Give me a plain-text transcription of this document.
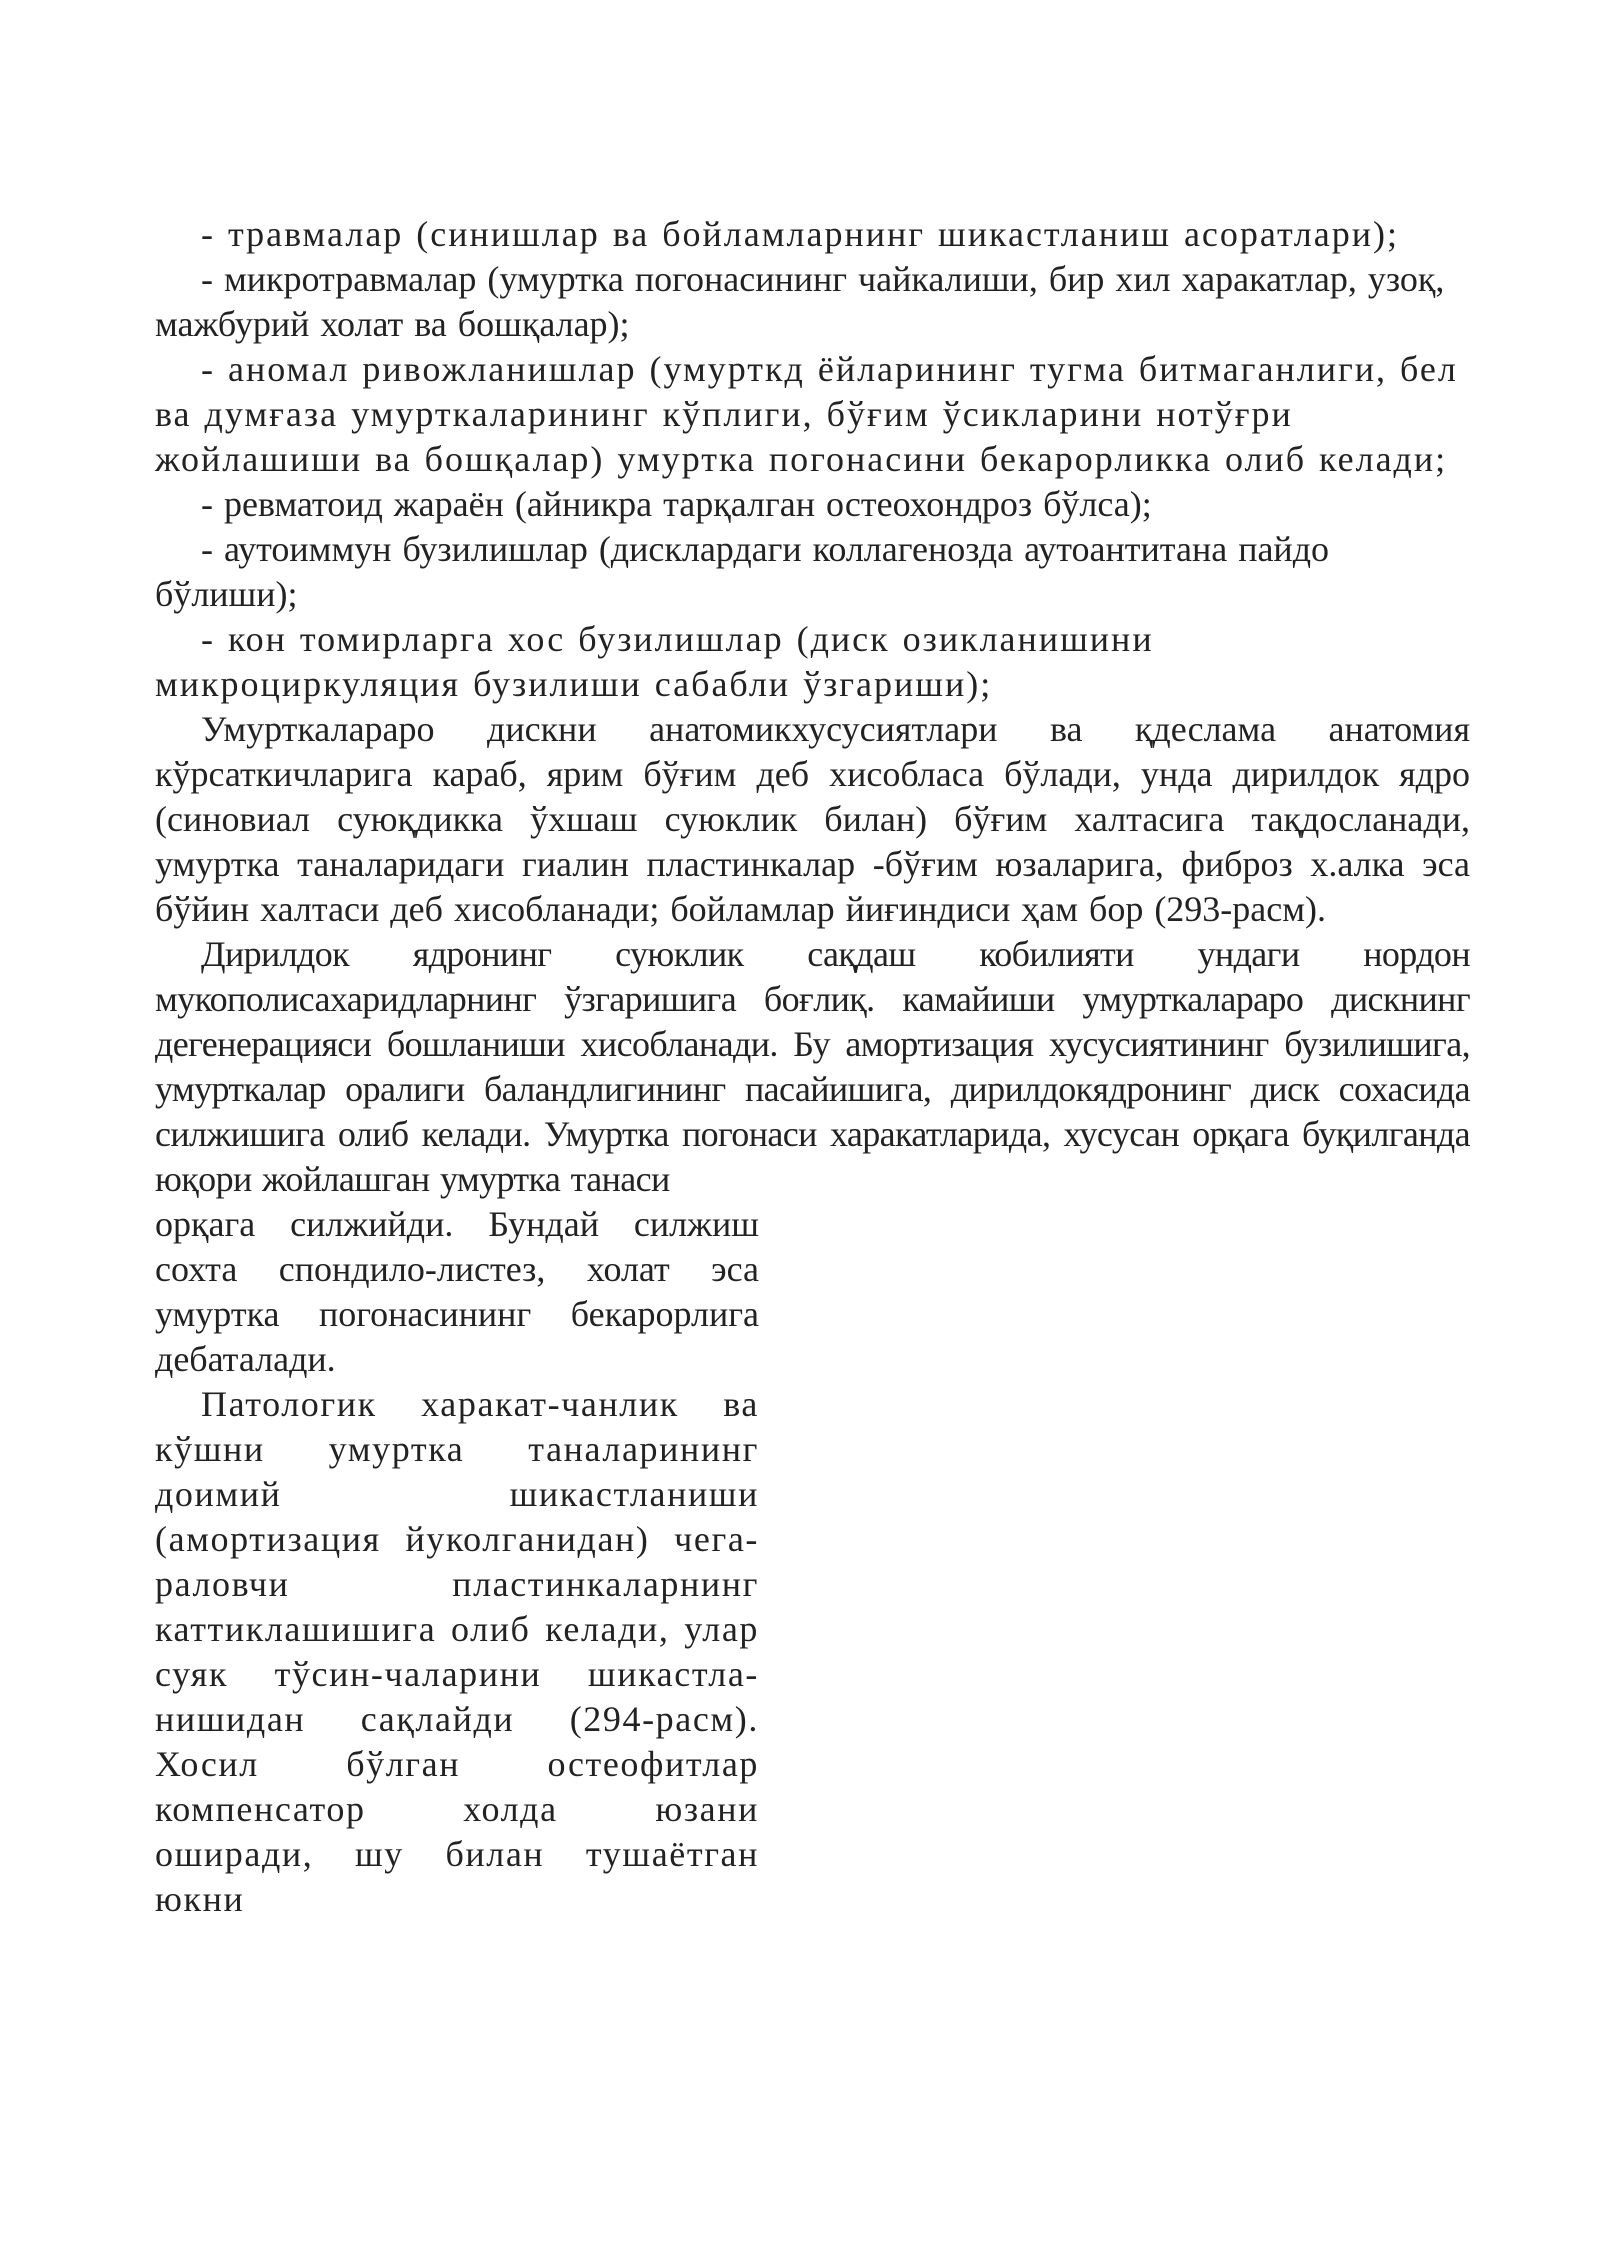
- травмалар (синишлар ва бойламларнинг шикастланиш асоратлари);

- микротравмалар (умуртка погонасининг чайкалиши, бир хил харакатлар, узоқ, мажбурий холат ва бошқалар);

- аномал ривожланишлар (умурткд ёйларининг тугма битмаганлиги, бел ва думғаза умурткаларининг кўплиги, бўғим ўсикларини нотўғри жойлашиши ва бошқалар) умуртка погонасини бекарорликка олиб келади;

- ревматоид жараён (айникра тарқалган остеохондроз бўлса);

- аутоиммун бузилишлар (дисклардаги коллагенозда аутоантитана пайдо бўлиши);

- кон томирларга хос бузилишлар (диск озикланишини микроциркуляция бузилиши сабабли ўзгариши);

Умурткалараро дискни анатомикхусусиятлари ва қдеслама анатомия кўрсаткичларига караб, ярим бўғим деб хисобласа бўлади, унда дирилдок ядро (синовиал суюқдикка ўхшаш суюклик билан) бўғим халтасига тақдосланади, умуртка таналаридаги гиалин пластинкалар -бўғим юзаларига, фиброз х.алка эса бўйин халтаси деб хисобланади; бойламлар йиғиндиси ҳам бор (293-расм).

Дирилдок ядронинг суюклик сақдаш кобилияти ундаги нордон мукополисахаридларнинг ўзгаришига боғлиқ. камайиши умурткалараро дискнинг дегенерацияси бошланиши хисобланади. Бу амортизация хусусиятининг бузилишига, умурткалар оралиги баландлигининг пасайишига, дирилдокядронинг диск сохасида силжишига олиб келади. Умуртка погонаси харакатларида, хусусан орқага буқилганда юқори жойлашган умуртка танаси

орқага силжийди. Бундай силжиш сохта спондило-листез, холат эса умуртка погонасининг бекарорлига дебаталади.

Патологик харакат-чанлик ва кўшни умуртка таналарининг доимий шикастланиши (амортизация йуколганидан) чега-раловчи пластинкаларнинг каттиклашишига олиб келади, улар суяк тўсин-чаларини шикастла-нишидан сақлайди (294-расм). Хосил бўлган остеофитлар компенсатор холда юзани оширади, шу билан тушаётган юкни
